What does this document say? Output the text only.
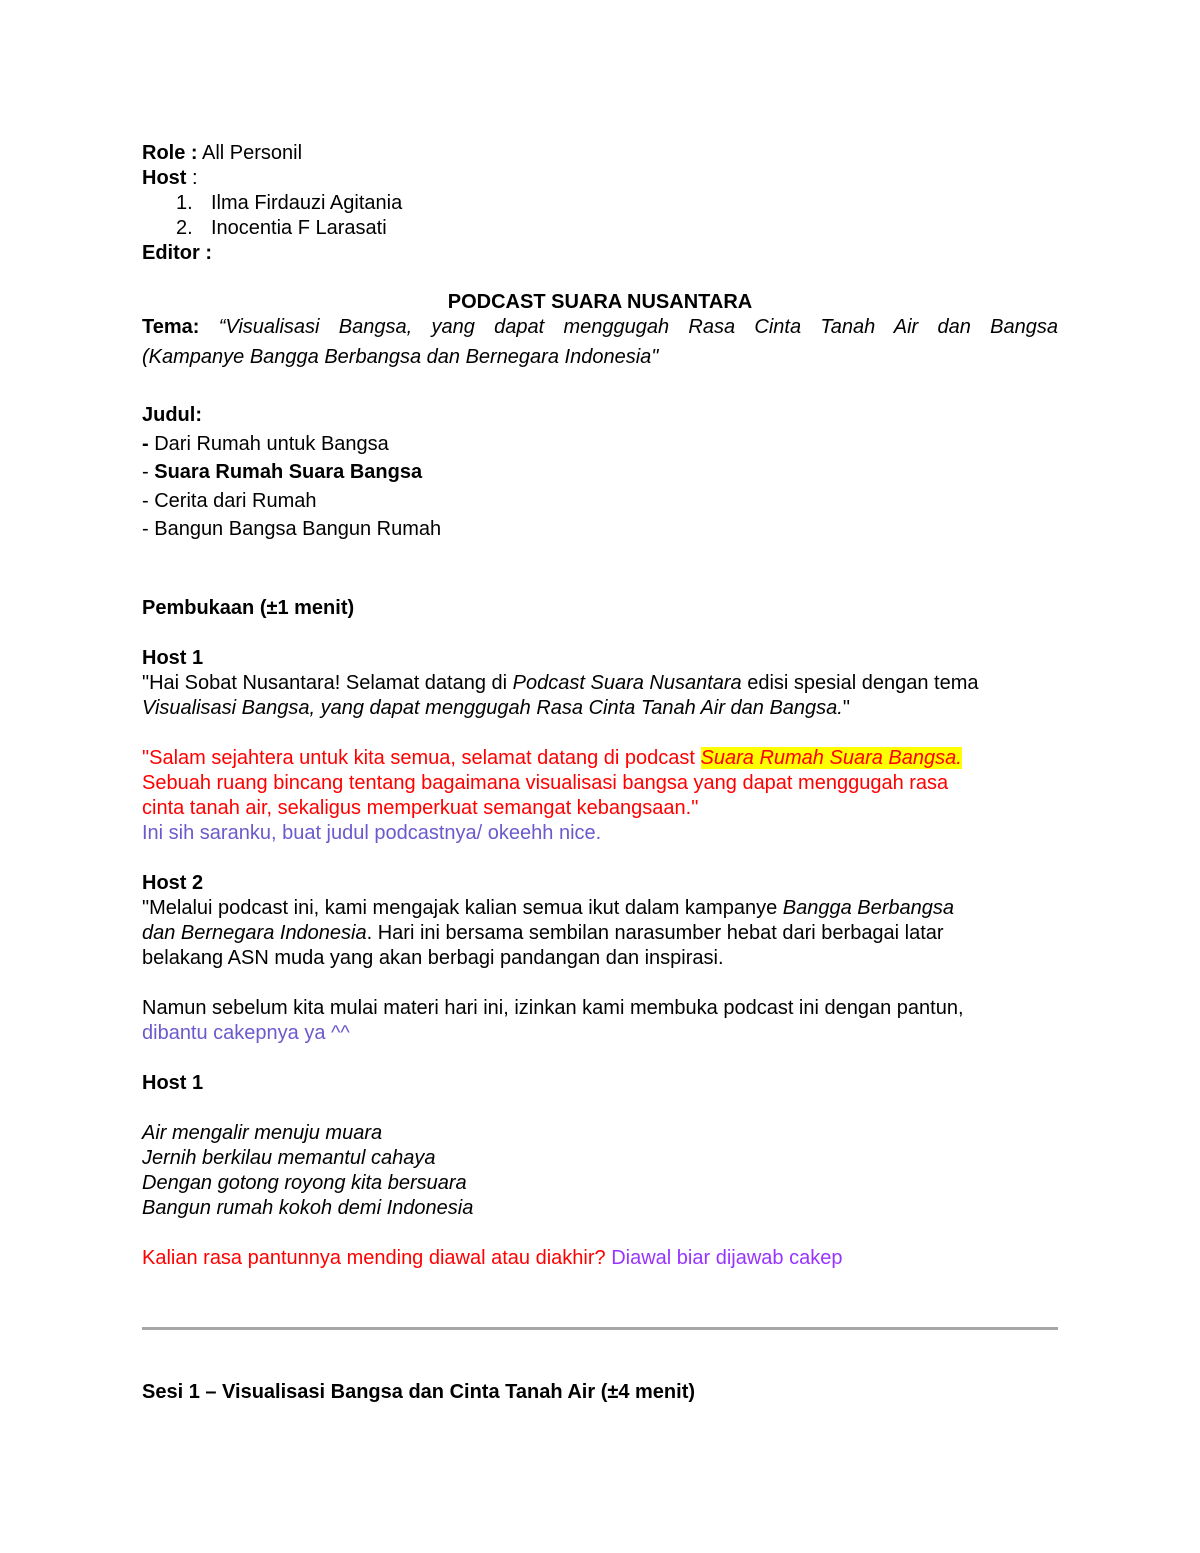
Role : All Personil
Host :
1. Ilma Firdauzi Agitania
2. Inocentia F Larasati
Editor :
PODCAST SUARA NUSANTARA
Tema: “Visualisasi Bangsa, yang dapat menggugah Rasa Cinta Tanah Air dan Bangsa
(Kampanye Bangga Berbangsa dan Bernegara Indonesia"
Judul:
- Dari Rumah untuk Bangsa
- Suara Rumah Suara Bangsa
- Cerita dari Rumah
- Bangun Bangsa Bangun Rumah
Pembukaan (±1 menit)
Host 1
"Hai Sobat Nusantara! Selamat datang di Podcast Suara Nusantara edisi spesial dengan tema
Visualisasi Bangsa, yang dapat menggugah Rasa Cinta Tanah Air dan Bangsa."
"Salam sejahtera untuk kita semua, selamat datang di podcast Suara Rumah Suara Bangsa.
Sebuah ruang bincang tentang bagaimana visualisasi bangsa yang dapat menggugah rasa
cinta tanah air, sekaligus memperkuat semangat kebangsaan."
Ini sih saranku, buat judul podcastnya/ okeehh nice.
Host 2
"Melalui podcast ini, kami mengajak kalian semua ikut dalam kampanye Bangga Berbangsa
dan Bernegara Indonesia. Hari ini bersama sembilan narasumber hebat dari berbagai latar
belakang ASN muda yang akan berbagi pandangan dan inspirasi.
Namun sebelum kita mulai materi hari ini, izinkan kami membuka podcast ini dengan pantun,
dibantu cakepnya ya ^^
Host 1
Air mengalir menuju muara
Jernih berkilau memantul cahaya
Dengan gotong royong kita bersuara
Bangun rumah kokoh demi Indonesia
Kalian rasa pantunnya mending diawal atau diakhir? Diawal biar dijawab cakep
Sesi 1 – Visualisasi Bangsa dan Cinta Tanah Air (±4 menit)
